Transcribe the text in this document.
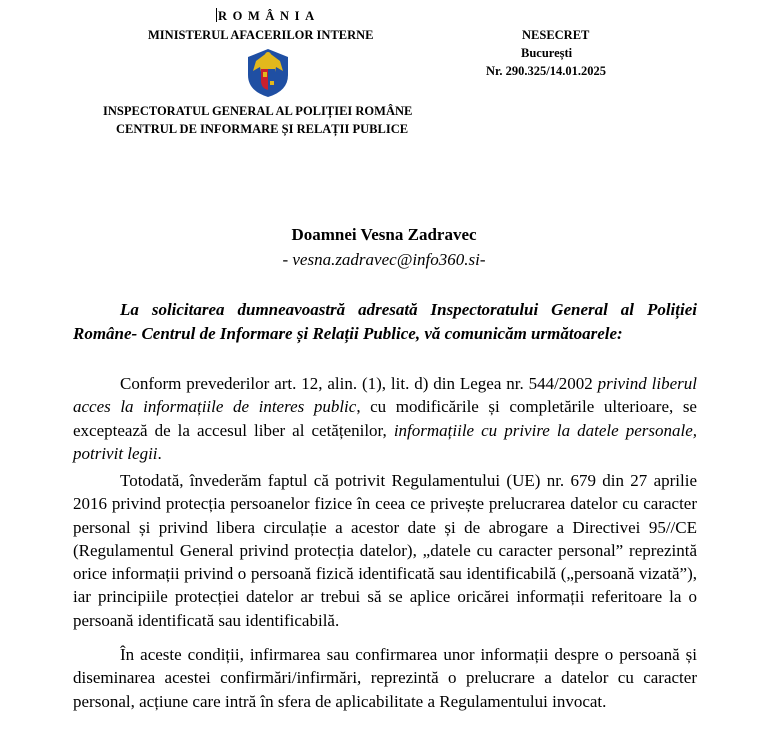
ROMÂNIA
MINISTERUL AFACERILOR INTERNE
INSPECTORATUL GENERAL AL POLIȚIEI ROMÂNE
CENTRUL DE INFORMARE ȘI RELAȚII PUBLICE
NESECRET
București
Nr. 290.325/14.01.2025
Doamnei Vesna Zadravec
- vesna.zadravec@info360.si-

La solicitarea dumneavoastră adresată Inspectoratului General al Poliției Române- Centrul de Informare și Relații Publice, vă comunicăm următoarele:

Conform prevederilor art. 12, alin. (1), lit. d) din Legea nr. 544/2002 privind liberul acces la informațiile de interes public, cu modificările și completările ulterioare, se exceptează de la accesul liber al cetățenilor, informațiile cu privire la datele personale, potrivit legii.

Totodată, învederăm faptul că potrivit Regulamentului (UE) nr. 679 din 27 aprilie 2016 privind protecția persoanelor fizice în ceea ce privește prelucrarea datelor cu caracter personal și privind libera circulație a acestor date și de abrogare a Directivei 95//CE (Regulamentul General privind protecția datelor), „datele cu caracter personal” reprezintă orice informații privind o persoană fizică identificată sau identificabilă („persoană vizată”), iar principiile protecției datelor ar trebui să se aplice oricărei informații referitoare la o persoană identificată sau identificabilă.

În aceste condiții, infirmarea sau confirmarea unor informații despre o persoană și diseminarea acestei confirmări/infirmări, reprezintă o prelucrare a datelor cu caracter personal, acțiune care intră în sfera de aplicabilitate a Regulamentului invocat.
